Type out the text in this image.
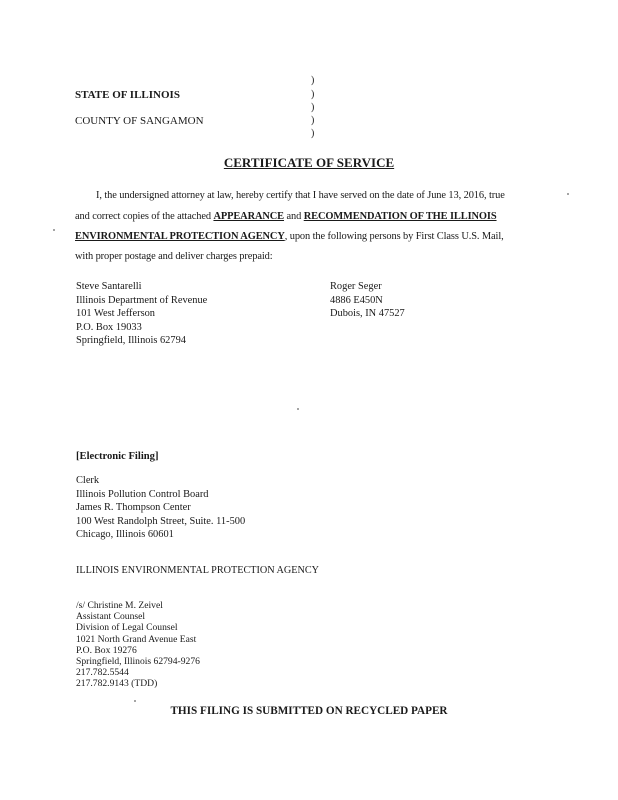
STATE OF ILLINOIS
COUNTY OF SANGAMON
)
)
)
)
)
CERTIFICATE OF SERVICE
I, the undersigned attorney at law, hereby certify that I have served on the date of June 13, 2016, true
and correct copies of the attached APPEARANCE and RECOMMENDATION OF THE ILLINOIS
ENVIRONMENTAL PROTECTION AGENCY, upon the following persons by First Class U.S. Mail,
with proper postage and deliver charges prepaid:
Steve Santarelli
Illinois Department of Revenue
101 West Jefferson
P.O. Box 19033
Springfield, Illinois 62794
Roger Seger
4886 E450N
Dubois, IN 47527
[Electronic Filing]
Clerk
Illinois Pollution Control Board
James R. Thompson Center
100 West Randolph Street, Suite. 11-500
Chicago, Illinois 60601
ILLINOIS ENVIRONMENTAL PROTECTION AGENCY
/s/ Christine M. Zeivel
Assistant Counsel
Division of Legal Counsel
1021 North Grand Avenue East
P.O. Box 19276
Springfield, Illinois 62794-9276
217.782.5544
217.782.9143 (TDD)
THIS FILING IS SUBMITTED ON RECYCLED PAPER
